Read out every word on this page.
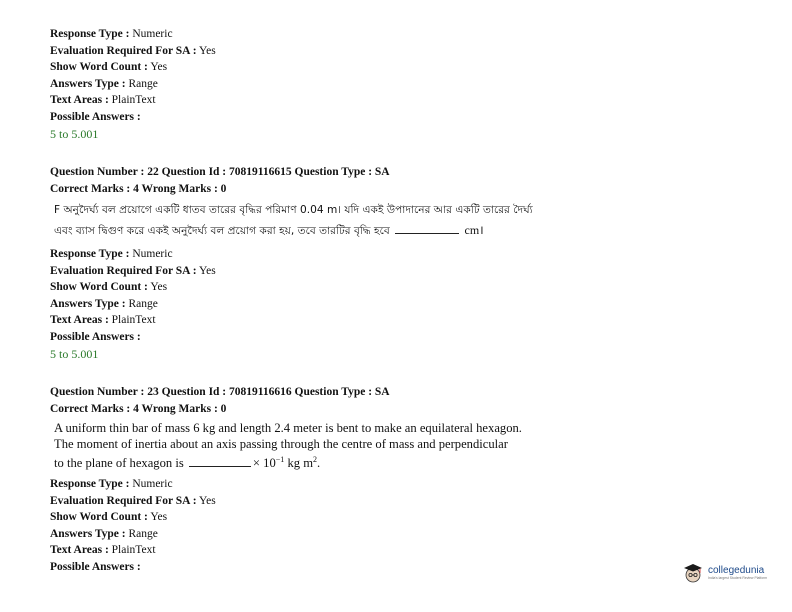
Response Type : Numeric
Evaluation Required For SA : Yes
Show Word Count : Yes
Answers Type : Range
Text Areas : PlainText
Possible Answers :
5 to 5.001
Question Number : 22 Question Id : 70819116615 Question Type : SA
Correct Marks : 4 Wrong Marks : 0
F অনুদৈর্ঘ্য বল প্রয়োগে একটি ধাতব তারের বৃদ্ধির পরিমাণ 0.04 m। যদি একই উপাদানের আর একটি তারের দৈর্ঘ্য
এবং ব্যাস দ্বিগুণ করে একই অনুদৈর্ঘ্য বল প্রয়োগ করা হয়, তবে তারটির বৃদ্ধি হবে	cm।
Response Type : Numeric
Evaluation Required For SA : Yes
Show Word Count : Yes
Answers Type : Range
Text Areas : PlainText
Possible Answers :
5 to 5.001
Question Number : 23 Question Id : 70819116616 Question Type : SA
Correct Marks : 4 Wrong Marks : 0
A uniform thin bar of mass 6 kg and length 2.4 meter is bent to make an equilateral hexagon.
The moment of inertia about an axis passing through the centre of mass and perpendicular
to the plane of hexagon is	× $10^{-1}$ kg $m^2$.
Response Type : Numeric
Evaluation Required For SA : Yes
Show Word Count : Yes
Answers Type : Range
Text Areas : PlainText
Possible Answers :	collegedunia
India's largest Student Review Platform
